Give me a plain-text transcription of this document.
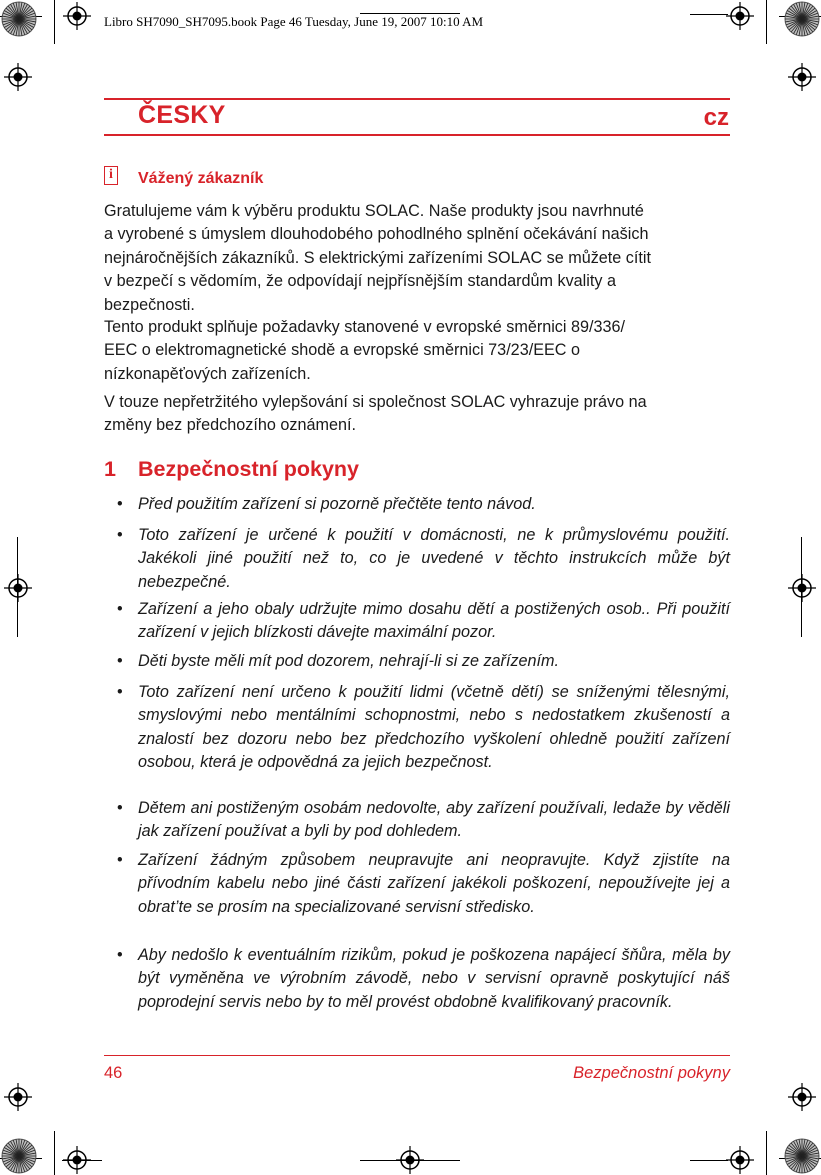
Libro SH7090_SH7095.book Page 46 Tuesday, June 19, 2007 10:10 AM
ČESKY	cz
i	Vážený zákazník
Gratulujeme vám k výběru produktu SOLAC. Naše produkty jsou navrhnuté
a vyrobené s úmyslem dlouhodobého pohodlného splnění očekávání našich
nejnáročnějších zákazníků. S elektrickými zařízeními SOLAC se můžete cítit
v bezpečí s vědomím, že odpovídají nejpřísnějším standardům kvality a
bezpečnosti.
Tento produkt splňuje požadavky stanovené v evropské směrnici 89/336/
EEC o elektromagnetické shodě a evropské směrnici 73/23/EEC o
nízkonapěťových zařízeních.
V touze nepřetržitého vylepšování si společnost SOLAC vyhrazuje právo na
změny bez předchozího oznámení.
1 Bezpečnostní pokyny
• Před použitím zařízení si pozorně přečtěte tento návod.
• Toto zařízení je určené k použití v domácnosti, ne k průmyslovému použití. Jakékoli jiné použití než to, co je uvedené v těchto instrukcích může být nebezpečné.
• Zařízení a jeho obaly udržujte mimo dosahu dětí a postižených osob.. Při použití zařízení v jejich blízkosti dávejte maximální pozor.
• Děti byste měli mít pod dozorem, nehrají-li si ze zařízením.
• Toto zařízení není určeno k použití lidmi (včetně dětí) se sníženými tělesnými, smyslovými nebo mentálními schopnostmi, nebo s nedostatkem zkušeností a znalostí bez dozoru nebo bez předchozího vyškolení ohledně použití zařízení osobou, která je odpovědná za jejich bezpečnost.
• Dětem ani postiženým osobám nedovolte, aby zařízení používali, ledaže by věděli jak zařízení používat a byli by pod dohledem.
• Zařízení žádným způsobem neupravujte ani neopravujte. Když zjistíte na přívodním kabelu nebo jiné části zařízení jakékoli poškození, nepoužívejte jej a obrat’te se prosím na specializované servisní středisko.
• Aby nedošlo k eventuálním rizikům, pokud je poškozena napájecí šňůra, měla by být vyměněna ve výrobním závodě, nebo v servisní opravně poskytující náš poprodejní servis nebo by to měl provést obdobně kvalifikovaný pracovník.
46	Bezpečnostní pokyny
